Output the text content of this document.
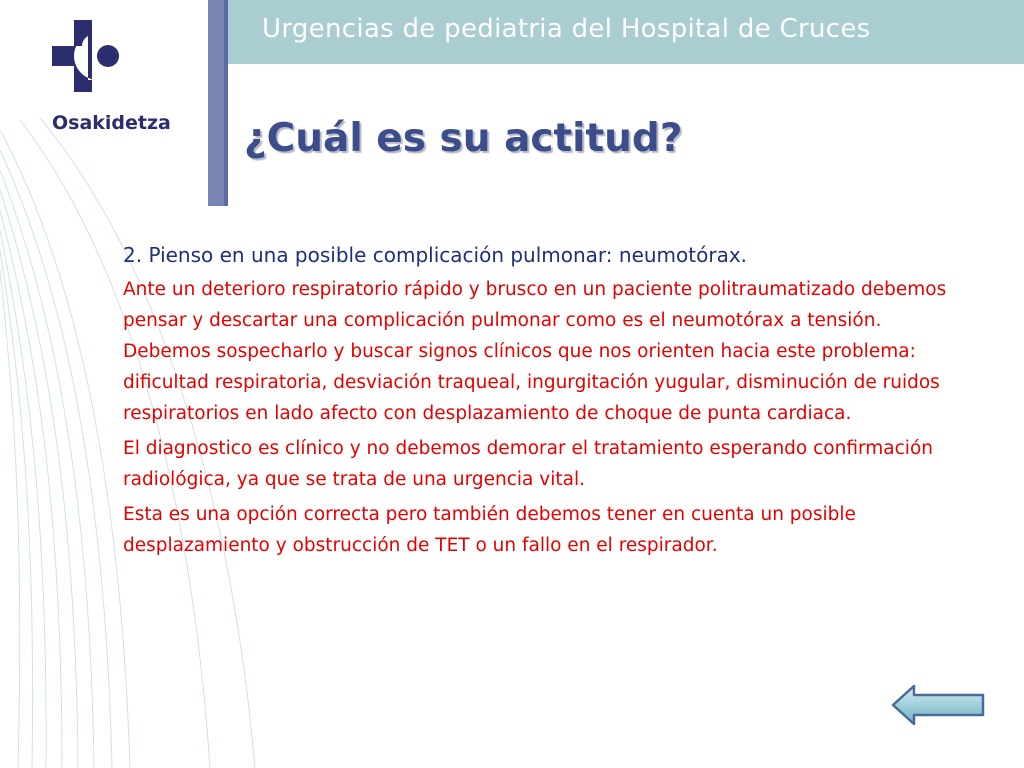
Urgencias de pediatria del Hospital de Cruces
Osakidetza ¿Cuál es su actitud?

2. Pienso en una posible complicación pulmonar: neumotórax.

Ante un deterioro respiratorio rápido y brusco en un paciente politraumatizado debemos pensar y descartar una complicación pulmonar como es el neumotórax a tensión. Debemos sospecharlo y buscar signos clínicos que nos orienten hacia este problema: dificultad respiratoria, desviación traqueal, ingurgitación yugular, disminución de ruidos respiratorios en lado afecto con desplazamiento de choque de punta cardiaca.

El diagnostico es clínico y no debemos demorar el tratamiento esperando confirmación radiológica, ya que se trata de una urgencia vital.

Esta es una opción correcta pero también debemos tener en cuenta un posible desplazamiento y obstrucción de TET o un fallo en el respirador.
